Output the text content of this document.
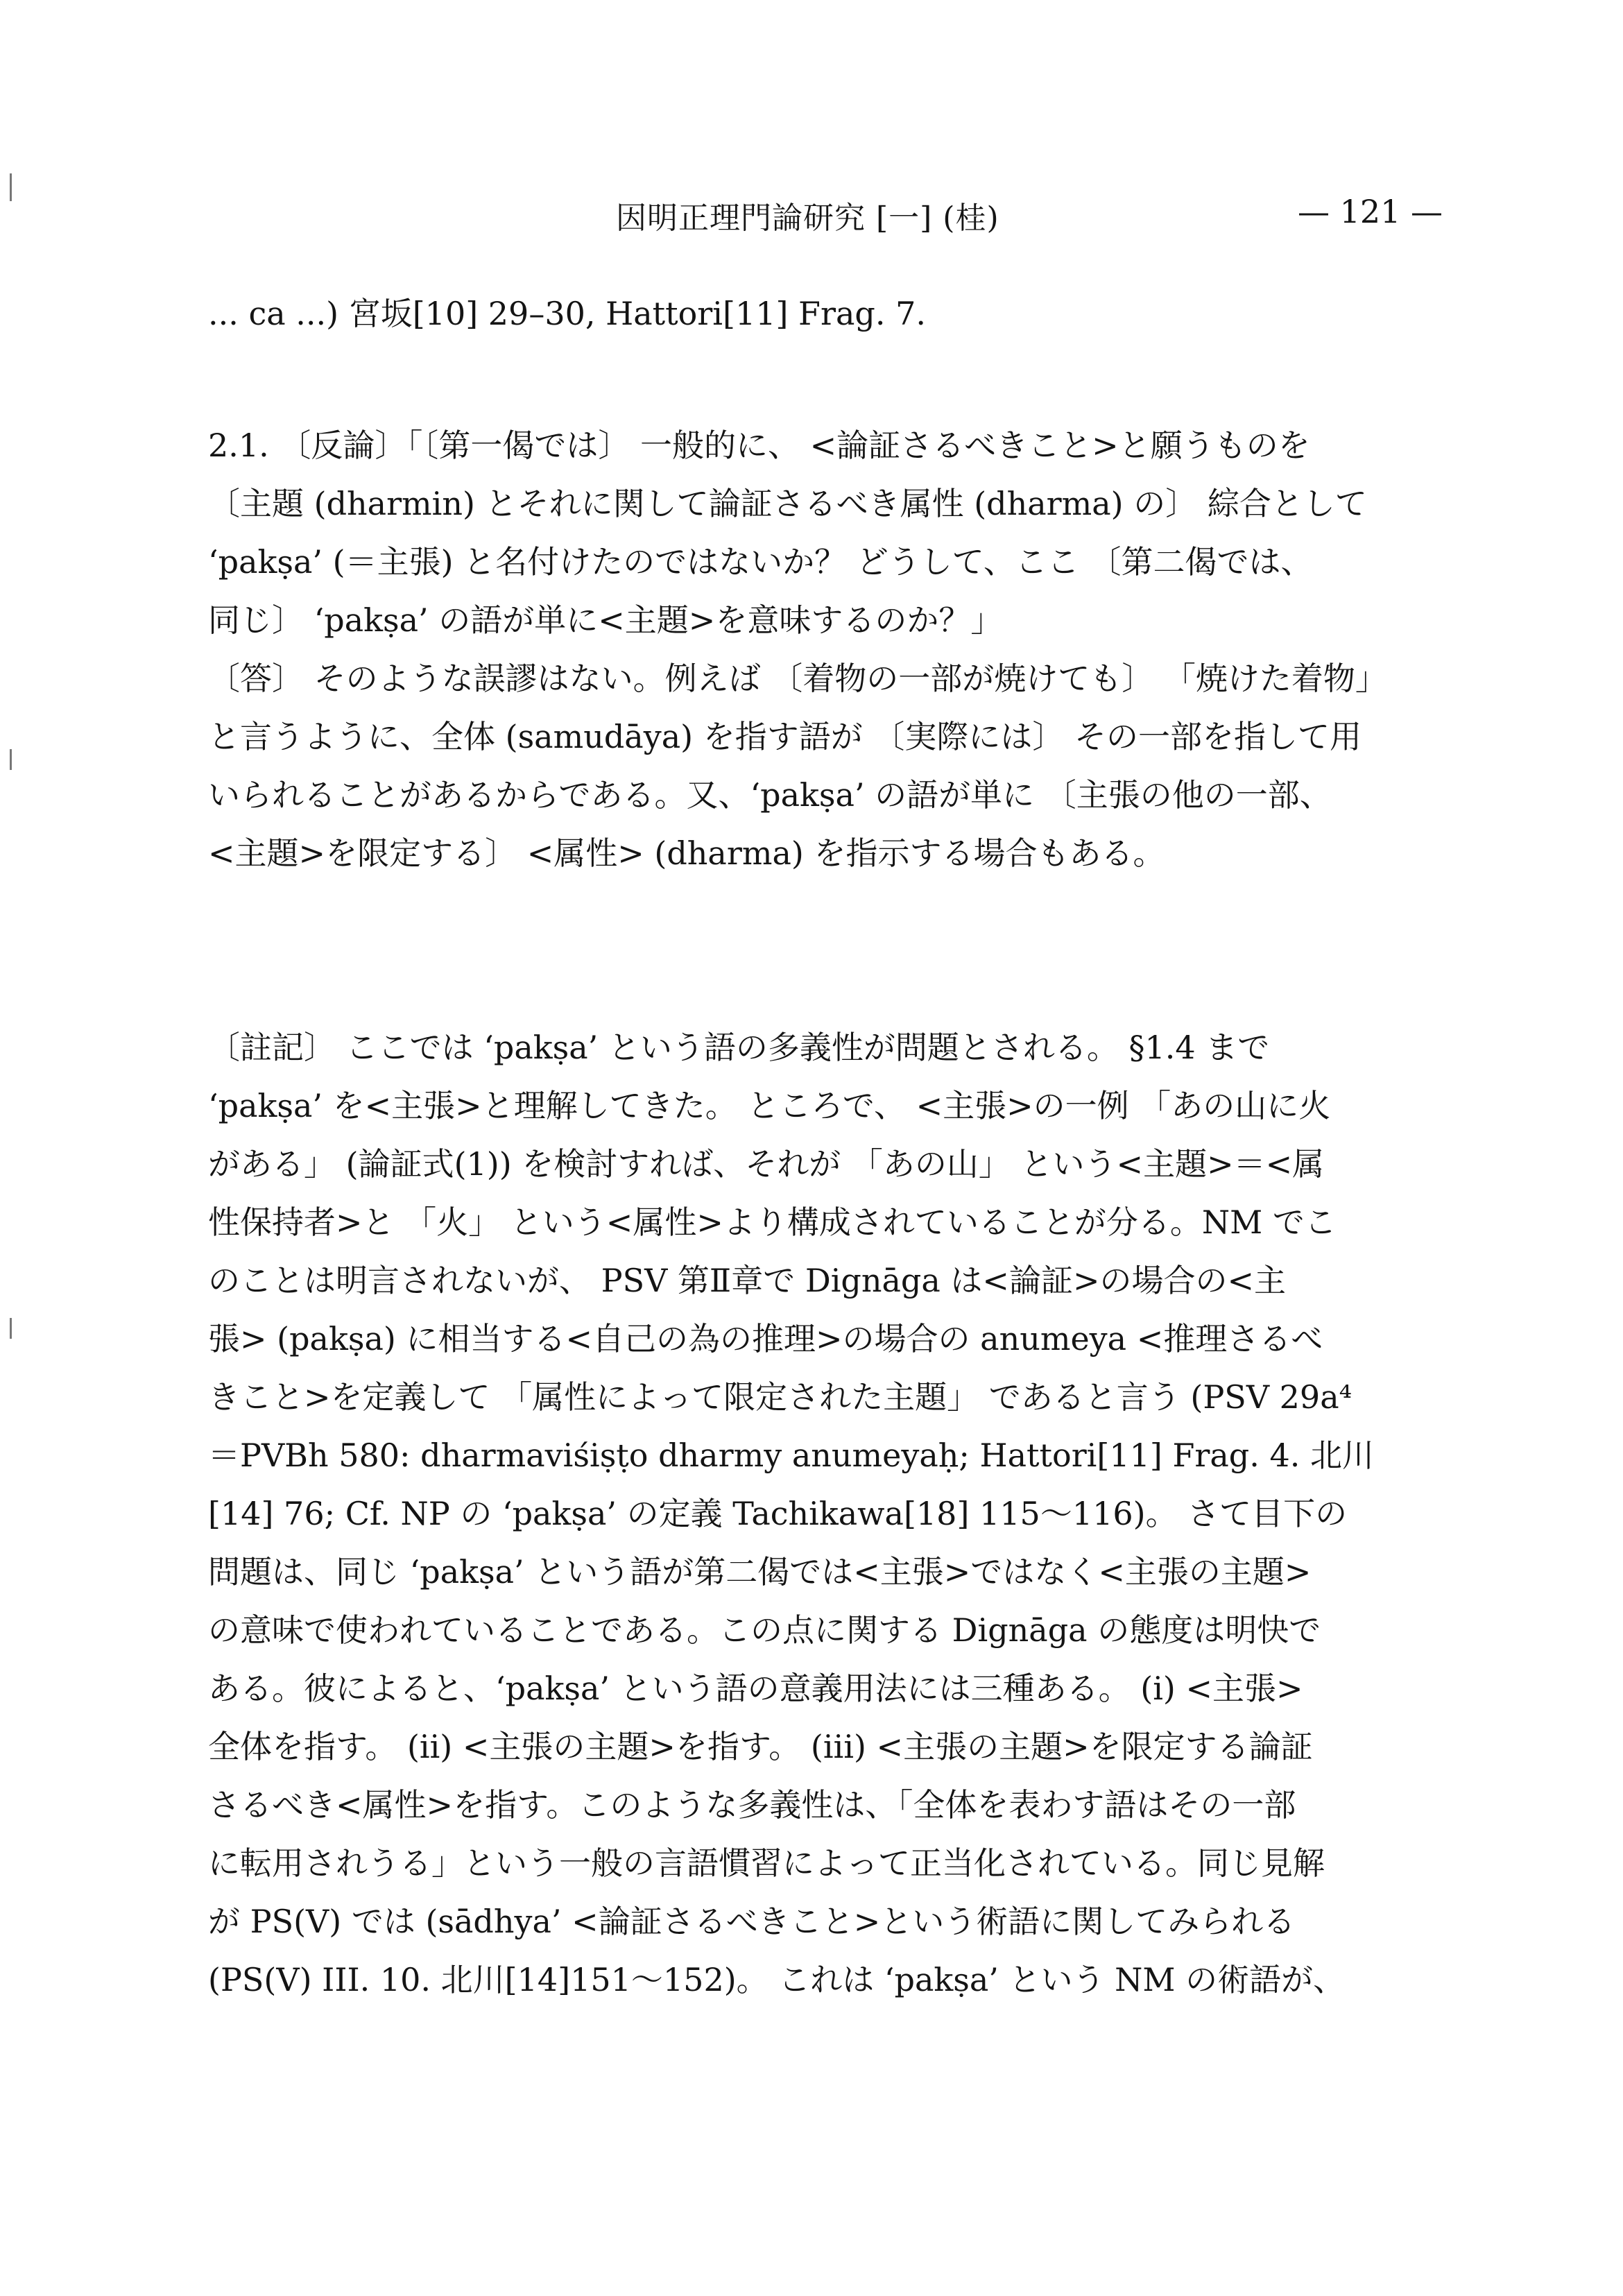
因明正理門論研究 [一] (桂)	— 121 —
... ca ...) 宮坂[10] 29–30, Hattori[11] Frag. 7.
2.1. 〔反論〕「〔第一偈では〕 一般的に、 <論証さるべきこと>と願うものを
〔主題 (dharmin) とそれに関して論証さるべき属性 (dharma) の〕 綜合として
‘pakṣa’ (＝主張) と名付けたのではないか？ どうして、ここ 〔第二偈では、
同じ〕 ‘pakṣa’ の語が単に<主題>を意味するのか？」
〔答〕 そのような誤謬はない。例えば 〔着物の一部が焼けても〕 「焼けた着物」
と言うように、全体 (samudāya) を指す語が 〔実際には〕 その一部を指して用
いられることがあるからである。又、‘pakṣa’ の語が単に 〔主張の他の一部、
<主題>を限定する〕 <属性> (dharma) を指示する場合もある。
〔註記〕 ここでは ‘pakṣa’ という語の多義性が問題とされる。 §1.4 まで
‘pakṣa’ を<主張>と理解してきた。 ところで、 <主張>の一例 「あの山に火
がある」 (論証式(1)) を検討すれば、それが 「あの山」 という<主題>＝<属
性保持者>と 「火」 という<属性>より構成されていることが分る。NM でこ
のことは明言されないが、 PSV 第Ⅱ章で Dignāga は<論証>の場合の<主
張> (pakṣa) に相当する<自己の為の推理>の場合の anumeya <推理さるべ
きこと>を定義して 「属性によって限定された主題」 であると言う (PSV 29a⁴
＝PVBh 580: dharmaviśiṣṭo dharmy anumeyaḥ; Hattori[11] Frag. 4. 北川
[14] 76; Cf. NP の ‘pakṣa’ の定義 Tachikawa[18] 115～116)。 さて目下の
問題は、同じ ‘pakṣa’ という語が第二偈では<主張>ではなく<主張の主題>
の意味で使われていることである。この点に関する Dignāga の態度は明快で
ある。彼によると、‘pakṣa’ という語の意義用法には三種ある。 (ⅰ) <主張>
全体を指す。 (ⅱ) <主張の主題>を指す。 (ⅲ) <主張の主題>を限定する論証
さるべき<属性>を指す。このような多義性は、「全体を表わす語はその一部
に転用されうる」という一般の言語慣習によって正当化されている。同じ見解
が PS(V) では (sādhya’ <論証さるべきこと>という術語に関してみられる
(PS(V) III. 10. 北川[14]151～152)。 これは ‘pakṣa’ という NM の術語が、
